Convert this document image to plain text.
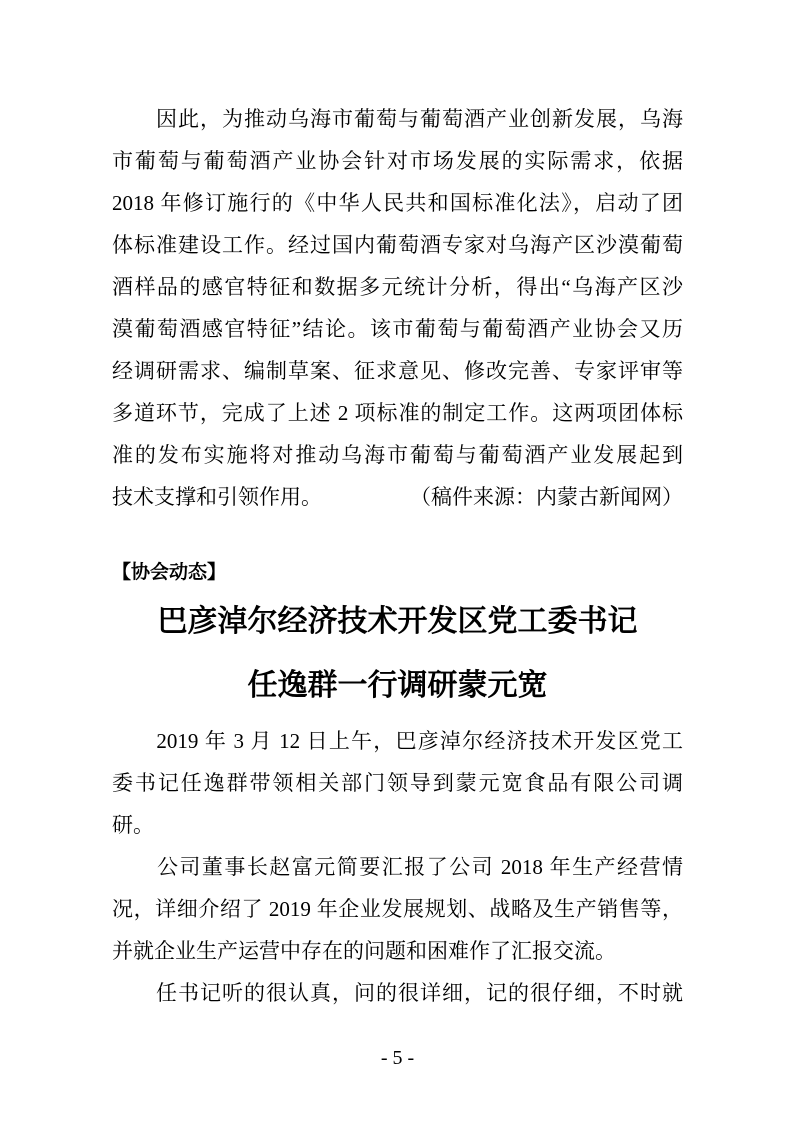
　　因此，为推动乌海市葡萄与葡萄酒产业创新发展，乌海
市葡萄与葡萄酒产业协会针对市场发展的实际需求，依据
2018 年修订施行的《中华人民共和国标准化法》，启动了团
体标准建设工作。经过国内葡萄酒专家对乌海产区沙漠葡萄
酒样品的感官特征和数据多元统计分析，得出“乌海产区沙
漠葡萄酒感官特征”结论。该市葡萄与葡萄酒产业协会又历
经调研需求、编制草案、征求意见、修改完善、专家评审等
多道环节，完成了上述 2 项标准的制定工作。这两项团体标
准的发布实施将对推动乌海市葡萄与葡萄酒产业发展起到
技术支撑和引领作用。	（稿件来源：内蒙古新闻网）
【协会动态】
巴彦淖尔经济技术开发区党工委书记
任逸群一行调研蒙元宽
　　2019 年 3 月 12 日上午，巴彦淖尔经济技术开发区党工
委书记任逸群带领相关部门领导到蒙元宽食品有限公司调
研。
　　公司董事长赵富元简要汇报了公司 2018 年生产经营情
况，详细介绍了 2019 年企业发展规划、战略及生产销售等，
并就企业生产运营中存在的问题和困难作了汇报交流。
　　任书记听的很认真，问的很详细，记的很仔细，不时就
- 5 -
